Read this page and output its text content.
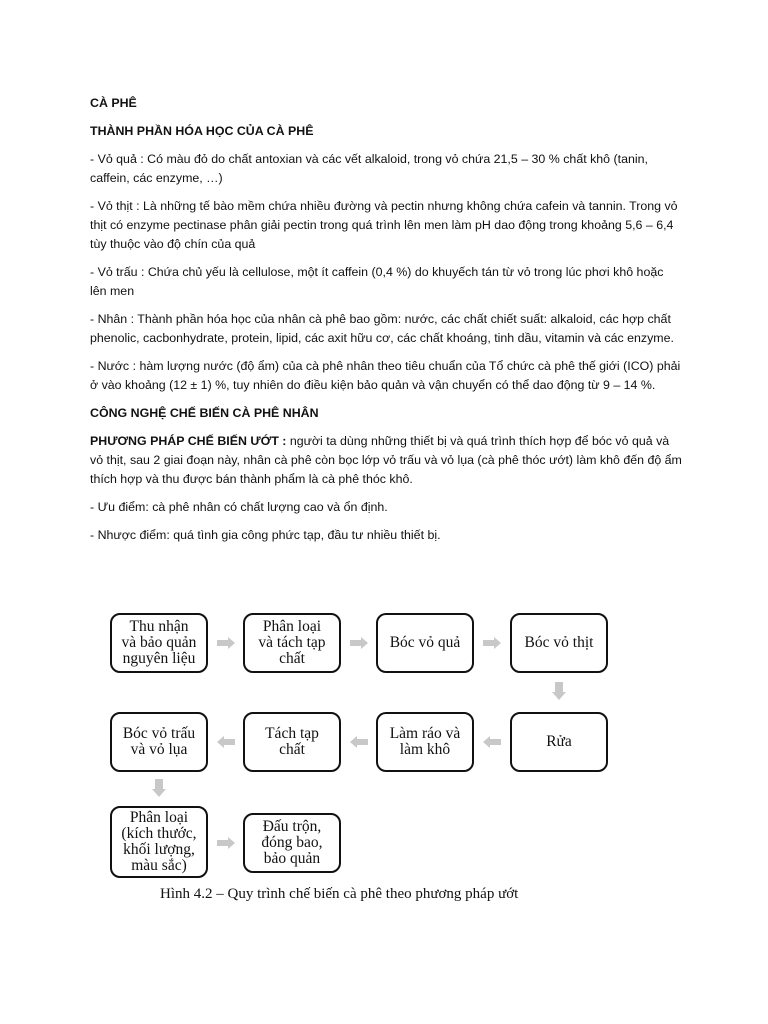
CÀ PHÊ
THÀNH PHẦN HÓA HỌC CỦA CÀ PHÊ
- Vỏ quả : Có màu đỏ do chất antoxian và các vết alkaloid, trong vỏ chứa 21,5 – 30 % chất khô (tanin, caffein, các enzyme, …)
- Vỏ thịt : Là những tế bào mềm chứa nhiều đường và pectin nhưng không chứa cafein và tannin. Trong vỏ thịt có enzyme pectinase phân giải pectin trong quá trình lên men làm pH dao động trong khoảng 5,6 – 6,4 tùy thuộc vào độ chín của quả
- Vỏ trấu : Chứa chủ yếu là cellulose, một ít caffein (0,4 %) do khuyếch tán từ vỏ trong lúc phơi khô hoặc lên men
- Nhân : Thành phần hóa học của nhân cà phê bao gồm: nước, các chất chiết suất: alkaloid, các hợp chất phenolic, cacbonhydrate, protein, lipid, các axit hữu cơ, các chất khoáng, tinh dầu, vitamin và các enzyme.
- Nước : hàm lượng nước (độ ẩm) của cà phê nhân theo tiêu chuẩn của Tổ chức cà phê thế giới (ICO) phải ở vào khoảng (12 ± 1) %, tuy nhiên do điều kiện bảo quản và vận chuyển có thể dao động từ 9 – 14 %.
CÔNG NGHỆ CHẾ BIẾN CÀ PHÊ NHÂN
PHƯƠNG PHÁP CHẾ BIẾN ƯỚT : người ta dùng những thiết bị và quá trình thích hợp để bóc vỏ quả và vỏ thịt, sau 2 giai đoạn này, nhân cà phê còn bọc lớp vỏ trấu và vỏ lụa (cà phê thóc ướt) làm khô đến độ ẩm thích hợp và thu được bán thành phẩm là cà phê thóc khô.
- Ưu điểm: cà phê nhân có chất lượng cao và ổn định.
- Nhược điểm: quá tình gia công phức tạp, đầu tư nhiều thiết bị.
Thu nhận
và bảo quản
nguyên liệu
Phân loại
và tách tạp
chất
Bóc vỏ quả	Bóc vỏ thịt
Rửa
Làm ráo và
làm khô
Tách tạp
chất
Bóc vỏ trấu
và vỏ lụa
Phân loại
(kích thước,
khối lượng,
màu sắc)
Đấu trộn,
đóng bao,
bảo quản
Hình 4.2 – Quy trình chế biến cà phê theo phương pháp ướt
